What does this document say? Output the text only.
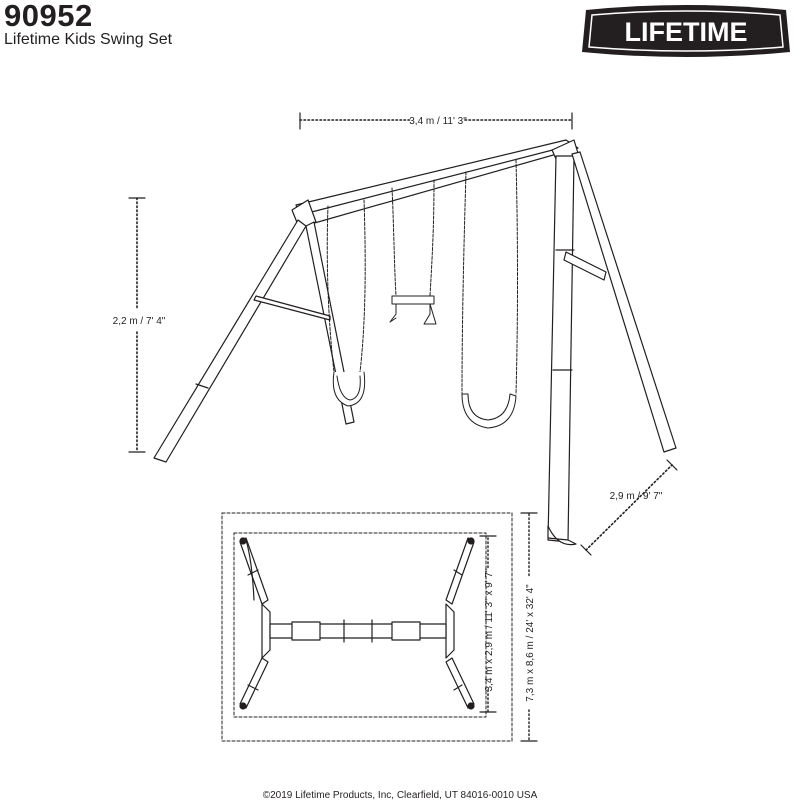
90952
Lifetime Kids Swing Set	LIFETIME
3,4 m / 11' 3"
2,2 m / 7' 4"
2,9 m / 9' 7"
3,4 m x 2,9 m / 11' 3" x 9' 7"	7,3 m x 8,6 m / 24' x 32' 4"
©2019 Lifetime Products, Inc, Clearfield, UT 84016-0010 USA
